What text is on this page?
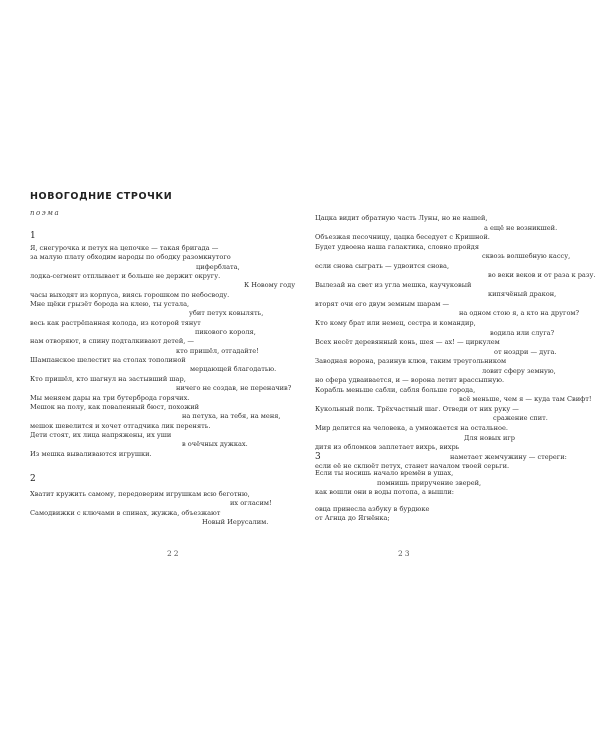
НОВОГОДНИЕ СТРОЧКИ
поэма
1
Я, снегурочка и петух на цепочке — такая бригада —
за малую плату обходим народы по ободку разомкнутого
циферблата,
лодка-сегмент отплывает и больше не держит округу.
К Новому году
часы выходят из корпуса, виясь горошком по небосводу.
Мне щёки грызёт борода на клею, ты устала,
убит петух ковылять,
весь как растрёпанная колода, из которой тянут
пикового короля,
нам отворяют, в спину подталкивают детей, —
кто пришёл, отгадайте!
Шампанское шелестит на столах тополиной
мерцающей благодатью.
Кто пришёл, кто шагнул на застывший шар,
ничего не создав, не переначив?
Мы меняем дары на три бутерброда горячих.
Мешок на полу, как поваленный бюст, похожий
на петуха, на тебя, на меня,
мешок шевелится и хочет отгадчика лик перенять.
Дети стоят, их лица напряжены, их уши
в очёчных дужках.
Из мешка вываливаются игрушки.
2
Хватит кружить самому, передоверим игрушкам всю беготню,
их оглаcим!
Самодвижки с ключами в спинах, жужжа, объезжают
Новый Иерусалим.
22
Цацка видит обратную часть Луны, но не нашей,
а ещё не возникшей.
Объезжая песочницу, цацка беседует с Кришной.
Будет удвоена наша галактика, словно пройдя
сквозь волшебную кассу,
если снова сыграть — удвоится снова,
во веки веков и от раза к разу.
Вылезай на свет из угла мешка, каучуковый
кипячёный дракон,
вторят очи его двум земным шарам —
на одном стою я, а кто на другом?
Кто кому брат или немец, сестра и командир,
водила или слуга?
Всех несёт деревянный конь, шея — ах! — циркулем
от ноздри — дуга.
Заводная ворона, разинув клюв, таким треугольником
ловит сферу земную,
но сфера удваивается, и — ворона летит врассыпную.
Корабль меньше сабли, сабля больше города,
всё меньше, чем я — куда там Свифт!
Кукольный полк. Трёхчастный шаг. Отведи от них руку —
сражение спит.
Мир делится на человека, а умножается на остальное.
Для новых игр
дитя из обломков заплетает вихрь, вихрь
наметает жемчужину — стереги:
если её не склюёт петух, станет началом твоей серьги.
3
Если ты носишь начало времён в ушах,
помнишь приручение зверей,
как вошли они в воды потопа, а вышли:
овца принесла азбуку в бурдюке
от Агнца до Ягнёнка;
23
